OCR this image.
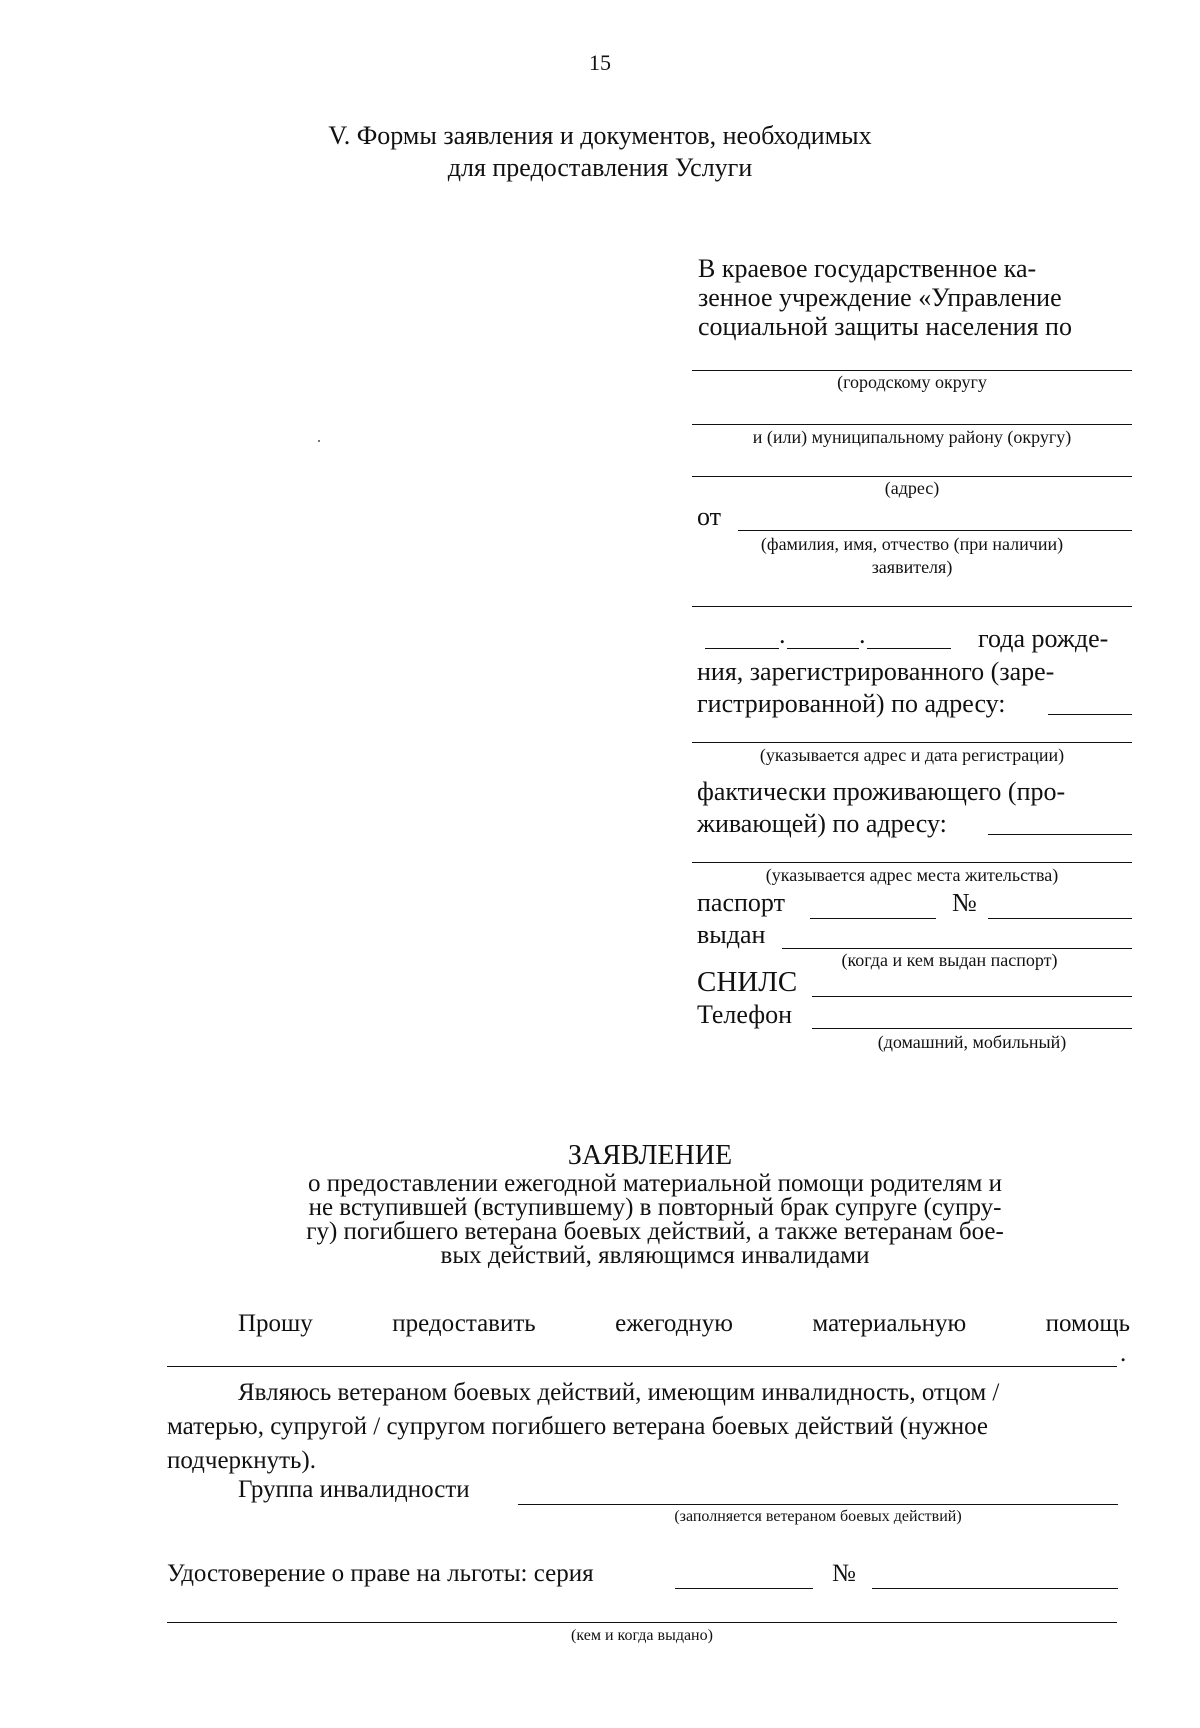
15
V. Формы заявления и документов, необходимых
для предоставления Услуги
В краевое государственное ка-
зенное учреждение «Управление
социальной защиты населения по
(городскому округу
и (или) муниципальному району (округу)
(адрес)
от
(фамилия, имя, отчество (при наличии)
заявителя)
.	.	года рожде-
ния, зарегистрированного (заре-
гистрированной) по адресу:
(указывается адрес и дата регистрации)
фактически проживающего (про-
живающей) по адресу:
(указывается адрес места жительства)
паспорт	№
выдан
(когда и кем выдан паспорт)
СНИЛС
Телефон
(домашний, мобильный)
ЗАЯВЛЕНИЕ
о предоставлении ежегодной материальной помощи родителям и
не вступившей (вступившему) в повторный брак супруге (супру-
гу) погибшего ветерана боевых действий, а также ветеранам бое-
вых действий, являющимся инвалидами
Прошу	предоставить	ежегодную	материальную	помощь
.
Являюсь ветераном боевых действий, имеющим инвалидность, отцом /
матерью, супругой / супругом погибшего ветерана боевых действий (нужное
подчеркнуть).
Группа инвалидности
(заполняется ветераном боевых действий)
Удостоверение о праве на льготы: серия	№
(кем и когда выдано)
